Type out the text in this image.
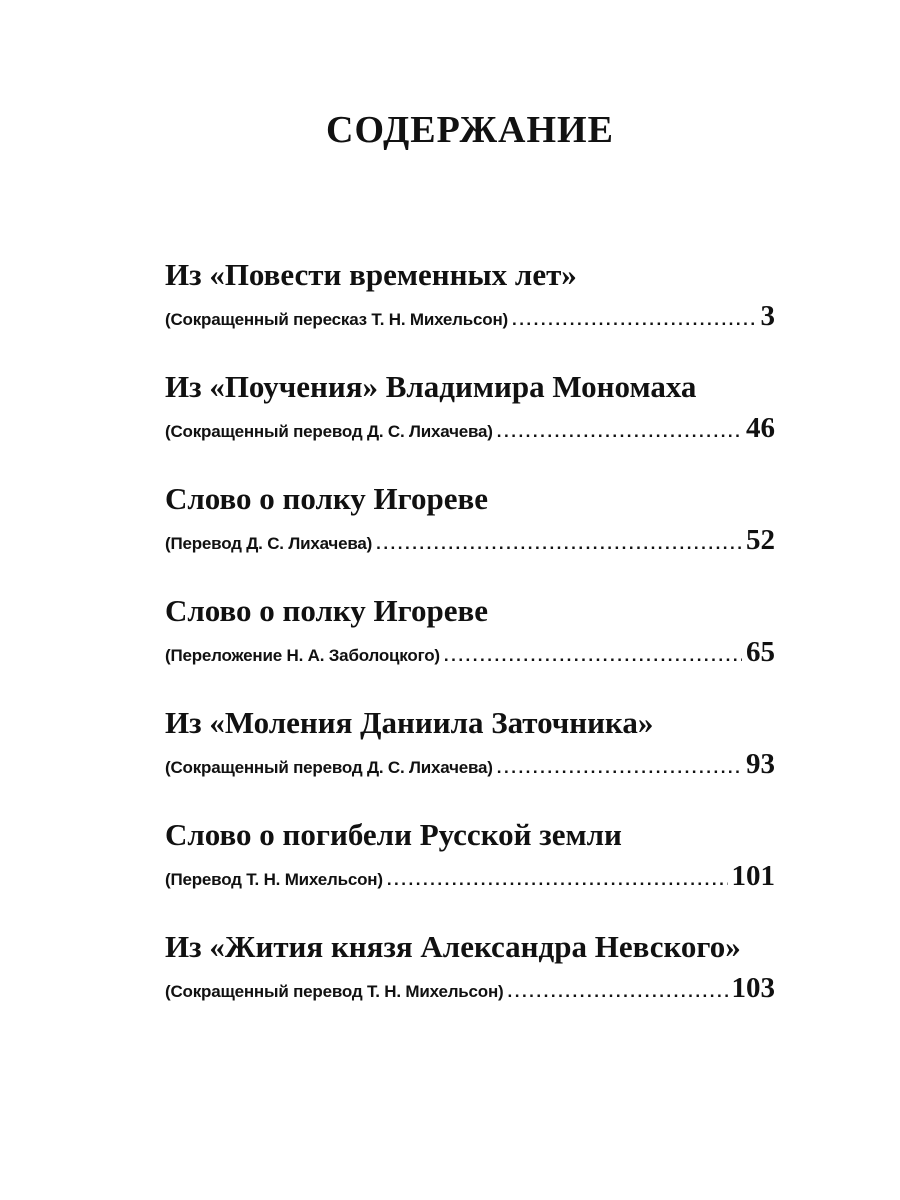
СОДЕРЖАНИЕ
Из «Повести временных лет»
(Сокращенный пересказ Т. Н. Михельсон) .....	3
Из «Поучения» Владимира Мономаха
(Сокращенный перевод Д. С. Лихачева) .....	46
Слово о полку Игореве
(Перевод Д. С. Лихачева) .....	52
Слово о полку Игореве
(Переложение Н. А. Заболоцкого) .....	65
Из «Моления Даниила Заточника»
(Сокращенный перевод Д. С. Лихачева) .....	93
Слово о погибели Русской земли
(Перевод Т. Н. Михельсон) .....	101
Из «Жития князя Александра Невского»
(Сокращенный перевод Т. Н. Михельсон) .....	103
